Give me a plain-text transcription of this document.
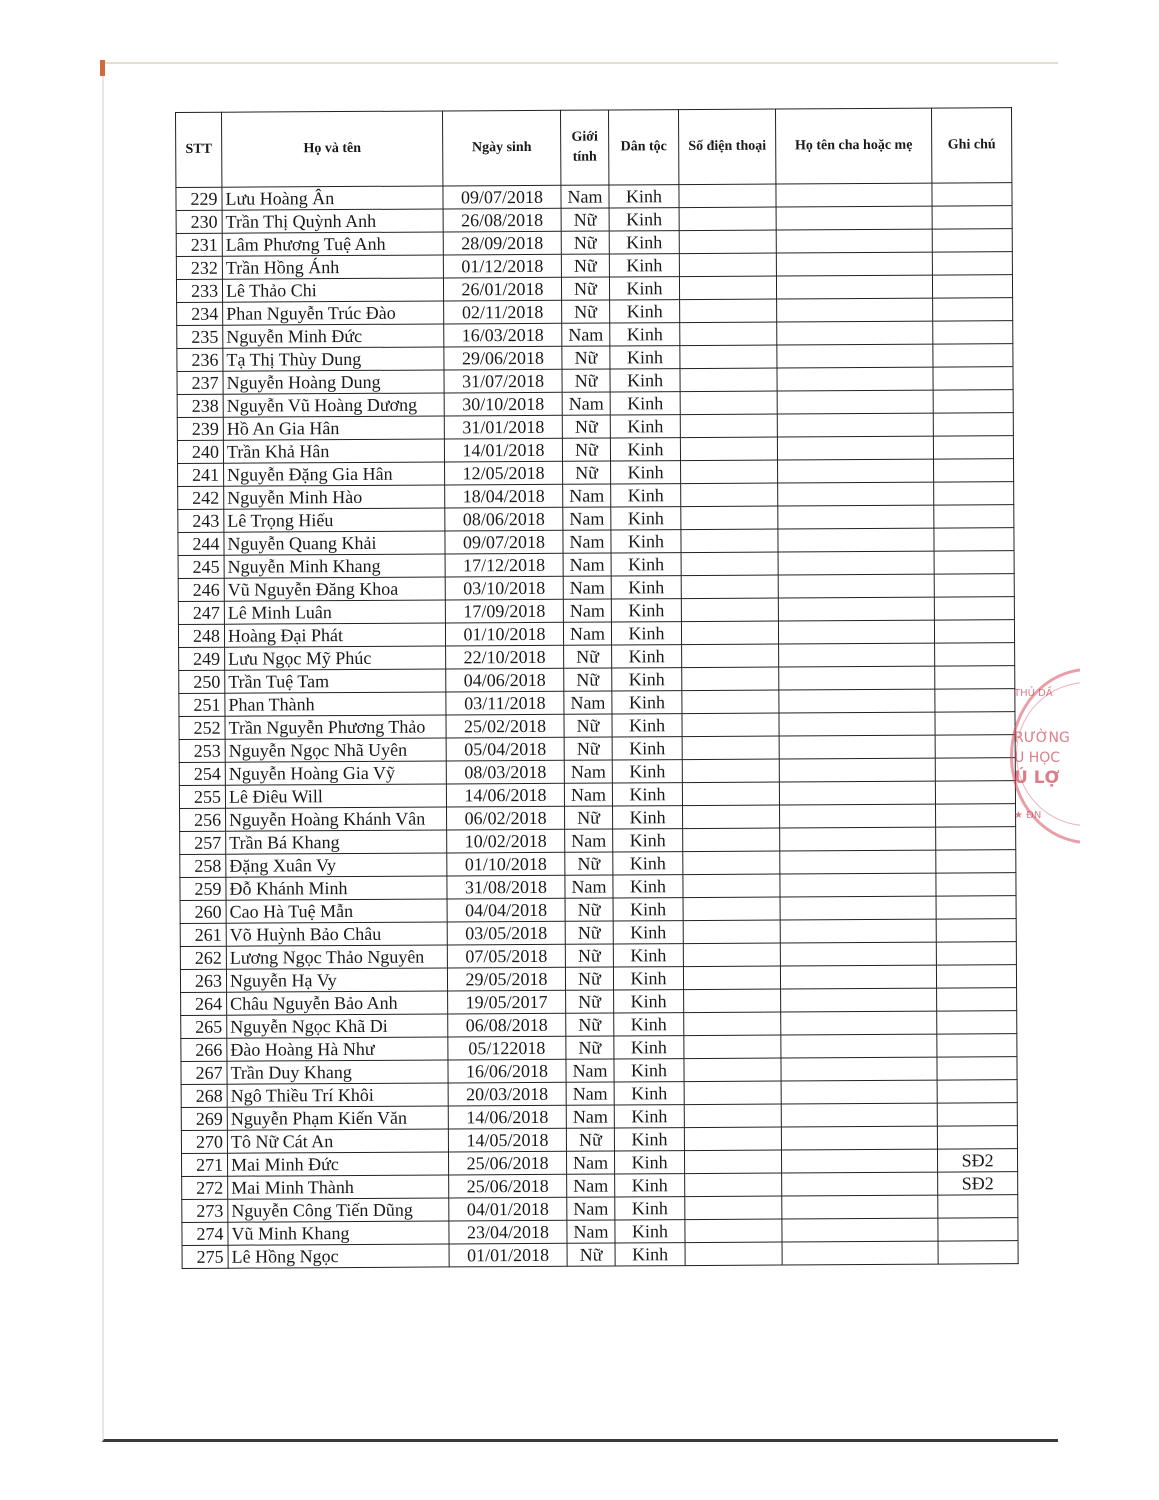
STT	Họ và tên	Ngày sinh	Giới tính	Dân tộc	Số điện thoại	Họ tên cha hoặc mẹ	Ghi chú
229	Lưu Hoàng Ân	09/07/2018	Nam	Kinh			
230	Trần Thị Quỳnh Anh	26/08/2018	Nữ	Kinh			
231	Lâm Phương Tuệ Anh	28/09/2018	Nữ	Kinh			
232	Trần Hồng Ánh	01/12/2018	Nữ	Kinh			
233	Lê Thảo Chi	26/01/2018	Nữ	Kinh			
234	Phan Nguyễn Trúc Đào	02/11/2018	Nữ	Kinh			
235	Nguyễn Minh Đức	16/03/2018	Nam	Kinh			
236	Tạ Thị Thùy Dung	29/06/2018	Nữ	Kinh			
237	Nguyễn Hoàng Dung	31/07/2018	Nữ	Kinh			
238	Nguyễn Vũ Hoàng Dương	30/10/2018	Nam	Kinh			
239	Hồ An Gia Hân	31/01/2018	Nữ	Kinh			
240	Trần Khả Hân	14/01/2018	Nữ	Kinh			
241	Nguyễn Đặng Gia Hân	12/05/2018	Nữ	Kinh			
242	Nguyễn Minh Hào	18/04/2018	Nam	Kinh			
243	Lê Trọng Hiếu	08/06/2018	Nam	Kinh			
244	Nguyễn Quang Khải	09/07/2018	Nam	Kinh			
245	Nguyễn Minh Khang	17/12/2018	Nam	Kinh			
246	Vũ Nguyễn Đăng Khoa	03/10/2018	Nam	Kinh			
247	Lê Minh Luân	17/09/2018	Nam	Kinh			
248	Hoàng Đại Phát	01/10/2018	Nam	Kinh			
249	Lưu Ngọc Mỹ Phúc	22/10/2018	Nữ	Kinh			
250	Trần Tuệ Tam	04/06/2018	Nữ	Kinh			
251	Phan Thành	03/11/2018	Nam	Kinh			
252	Trần Nguyễn Phương Thảo	25/02/2018	Nữ	Kinh			
253	Nguyễn Ngọc Nhã Uyên	05/04/2018	Nữ	Kinh			
254	Nguyễn Hoàng Gia Vỹ	08/03/2018	Nam	Kinh			
255	Lê Điêu Will	14/06/2018	Nam	Kinh			
256	Nguyễn Hoàng Khánh Vân	06/02/2018	Nữ	Kinh			
257	Trần Bá Khang	10/02/2018	Nam	Kinh			
258	Đặng Xuân Vy	01/10/2018	Nữ	Kinh			
259	Đỗ Khánh Minh	31/08/2018	Nam	Kinh			
260	Cao Hà Tuệ Mẫn	04/04/2018	Nữ	Kinh			
261	Võ Huỳnh Bảo Châu	03/05/2018	Nữ	Kinh			
262	Lương Ngọc Thảo Nguyên	07/05/2018	Nữ	Kinh			
263	Nguyễn Hạ Vy	29/05/2018	Nữ	Kinh			
264	Châu Nguyễn Bảo Anh	19/05/2017	Nữ	Kinh			
265	Nguyễn Ngọc Khã Di	06/08/2018	Nữ	Kinh			
266	Đào Hoàng Hà Như	05/122018	Nữ	Kinh			
267	Trần Duy Khang	16/06/2018	Nam	Kinh			
268	Ngô Thiều Trí Khôi	20/03/2018	Nam	Kinh			
269	Nguyễn Phạm Kiến Văn	14/06/2018	Nam	Kinh			
270	Tô Nữ Cát An	14/05/2018	Nữ	Kinh			
271	Mai Minh Đức	25/06/2018	Nam	Kinh			SĐ2
272	Mai Minh Thành	25/06/2018	Nam	Kinh			SĐ2
273	Nguyễn Công Tiến Dũng	04/01/2018	Nam	Kinh			
274	Vũ Minh Khang	23/04/2018	Nam	Kinh			
275	Lê Hồng Ngọc	01/01/2018	Nữ	Kinh			
THỦ DẦ
RƯỜNG
U HỌC
Ú LỢ
★ ĐN
